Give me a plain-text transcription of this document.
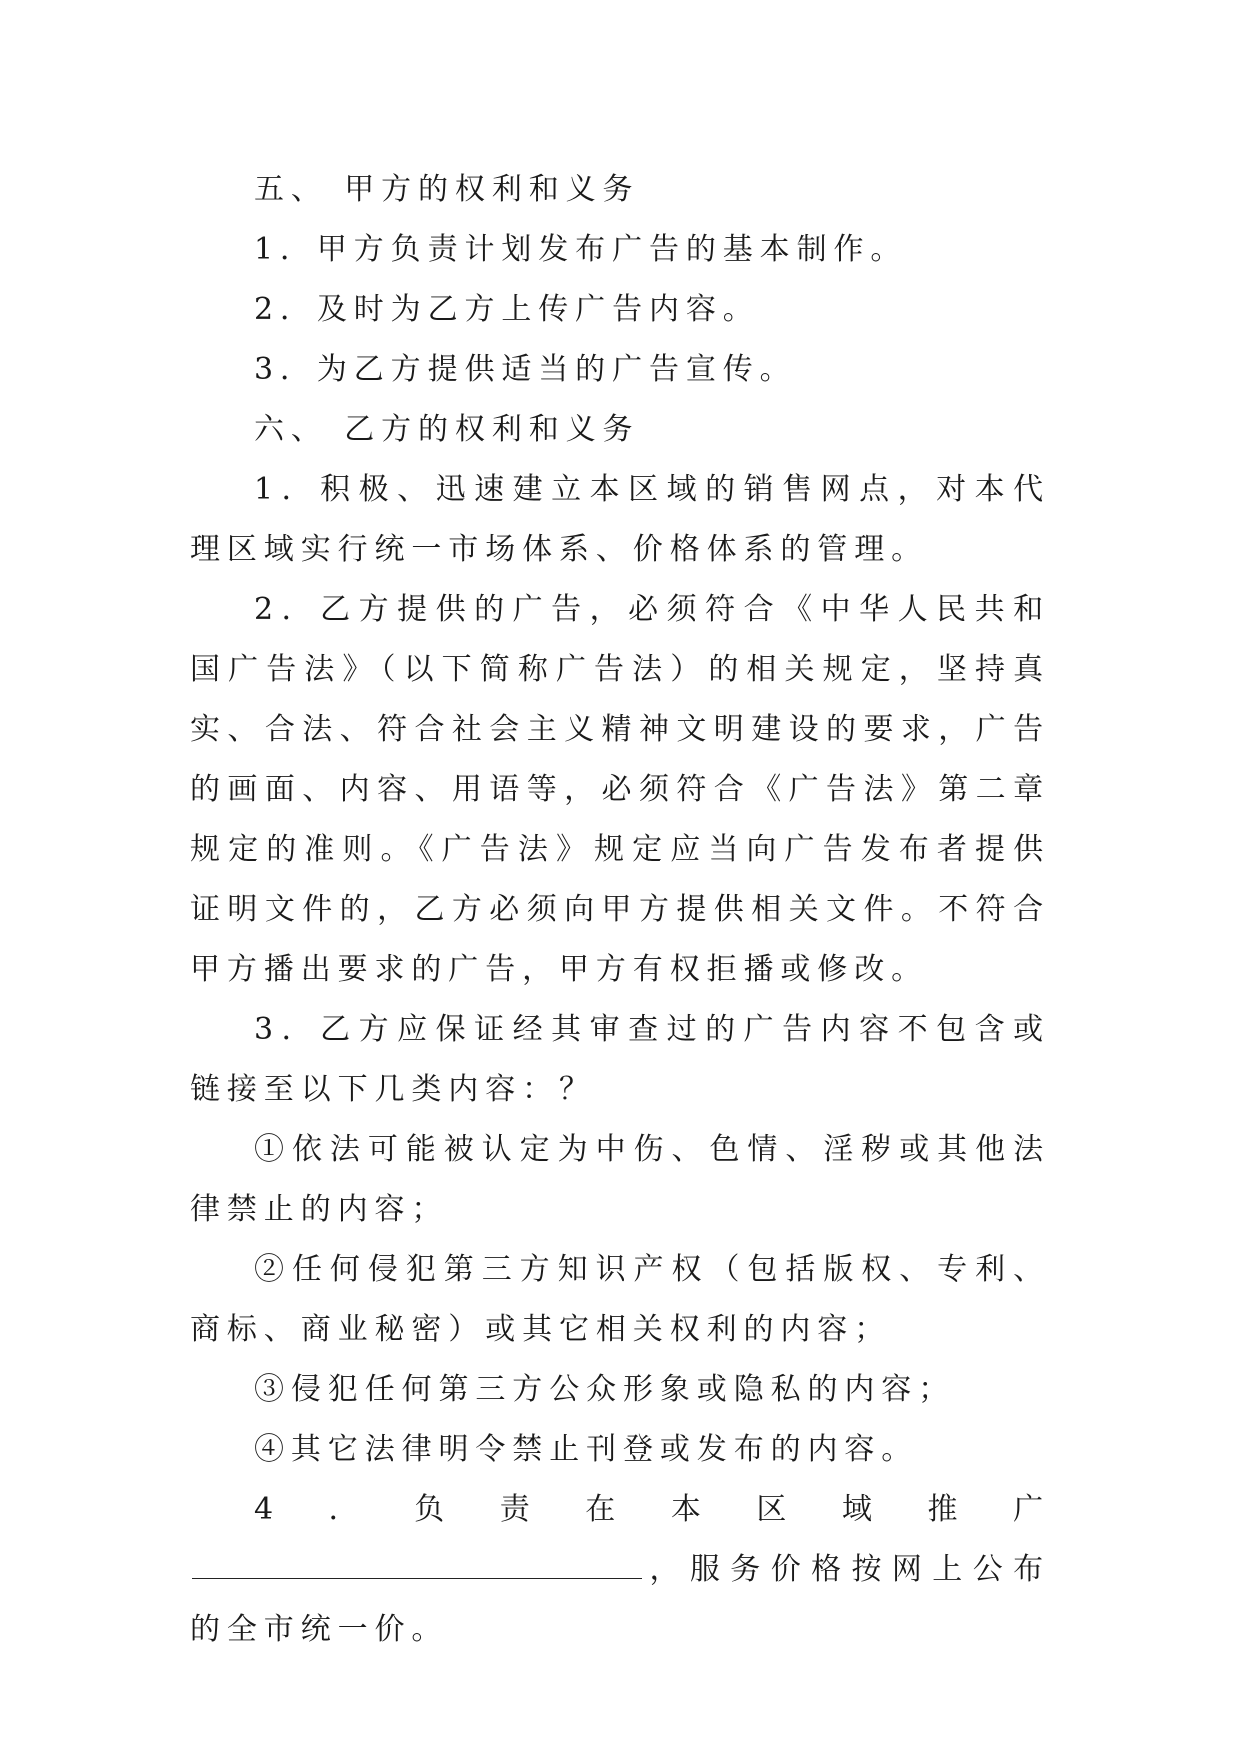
五、 甲方的权利和义务

1．甲方负责计划发布广告的基本制作。

2．及时为乙方上传广告内容。

3．为乙方提供适当的广告宣传。

六、 乙方的权利和义务

1．积极、迅速建立本区域的销售网点，对本代理区域实行统一市场体系、价格体系的管理。

2．乙方提供的广告，必须符合《中华人民共和国广告法》（以下简称广告法）的相关规定，坚持真实、合法、符合社会主义精神文明建设的要求，广告的画面、内容、用语等，必须符合《广告法》第二章规定的准则。《广告法》规定应当向广告发布者提供证明文件的，乙方必须向甲方提供相关文件。不符合甲方播出要求的广告，甲方有权拒播或修改。

3．乙方应保证经其审查过的广告内容不包含或链接至以下几类内容：？

①依法可能被认定为中伤、色情、淫秽或其他法律禁止的内容；

②任何侵犯第三方知识产权（包括版权、专利、商标、商业秘密）或其它相关权利的内容；

③侵犯任何第三方公众形象或隐私的内容；

④其它法律明令禁止刊登或发布的内容。

4．负责在本区域推广，服务价格按网上公布的全市统一价。
